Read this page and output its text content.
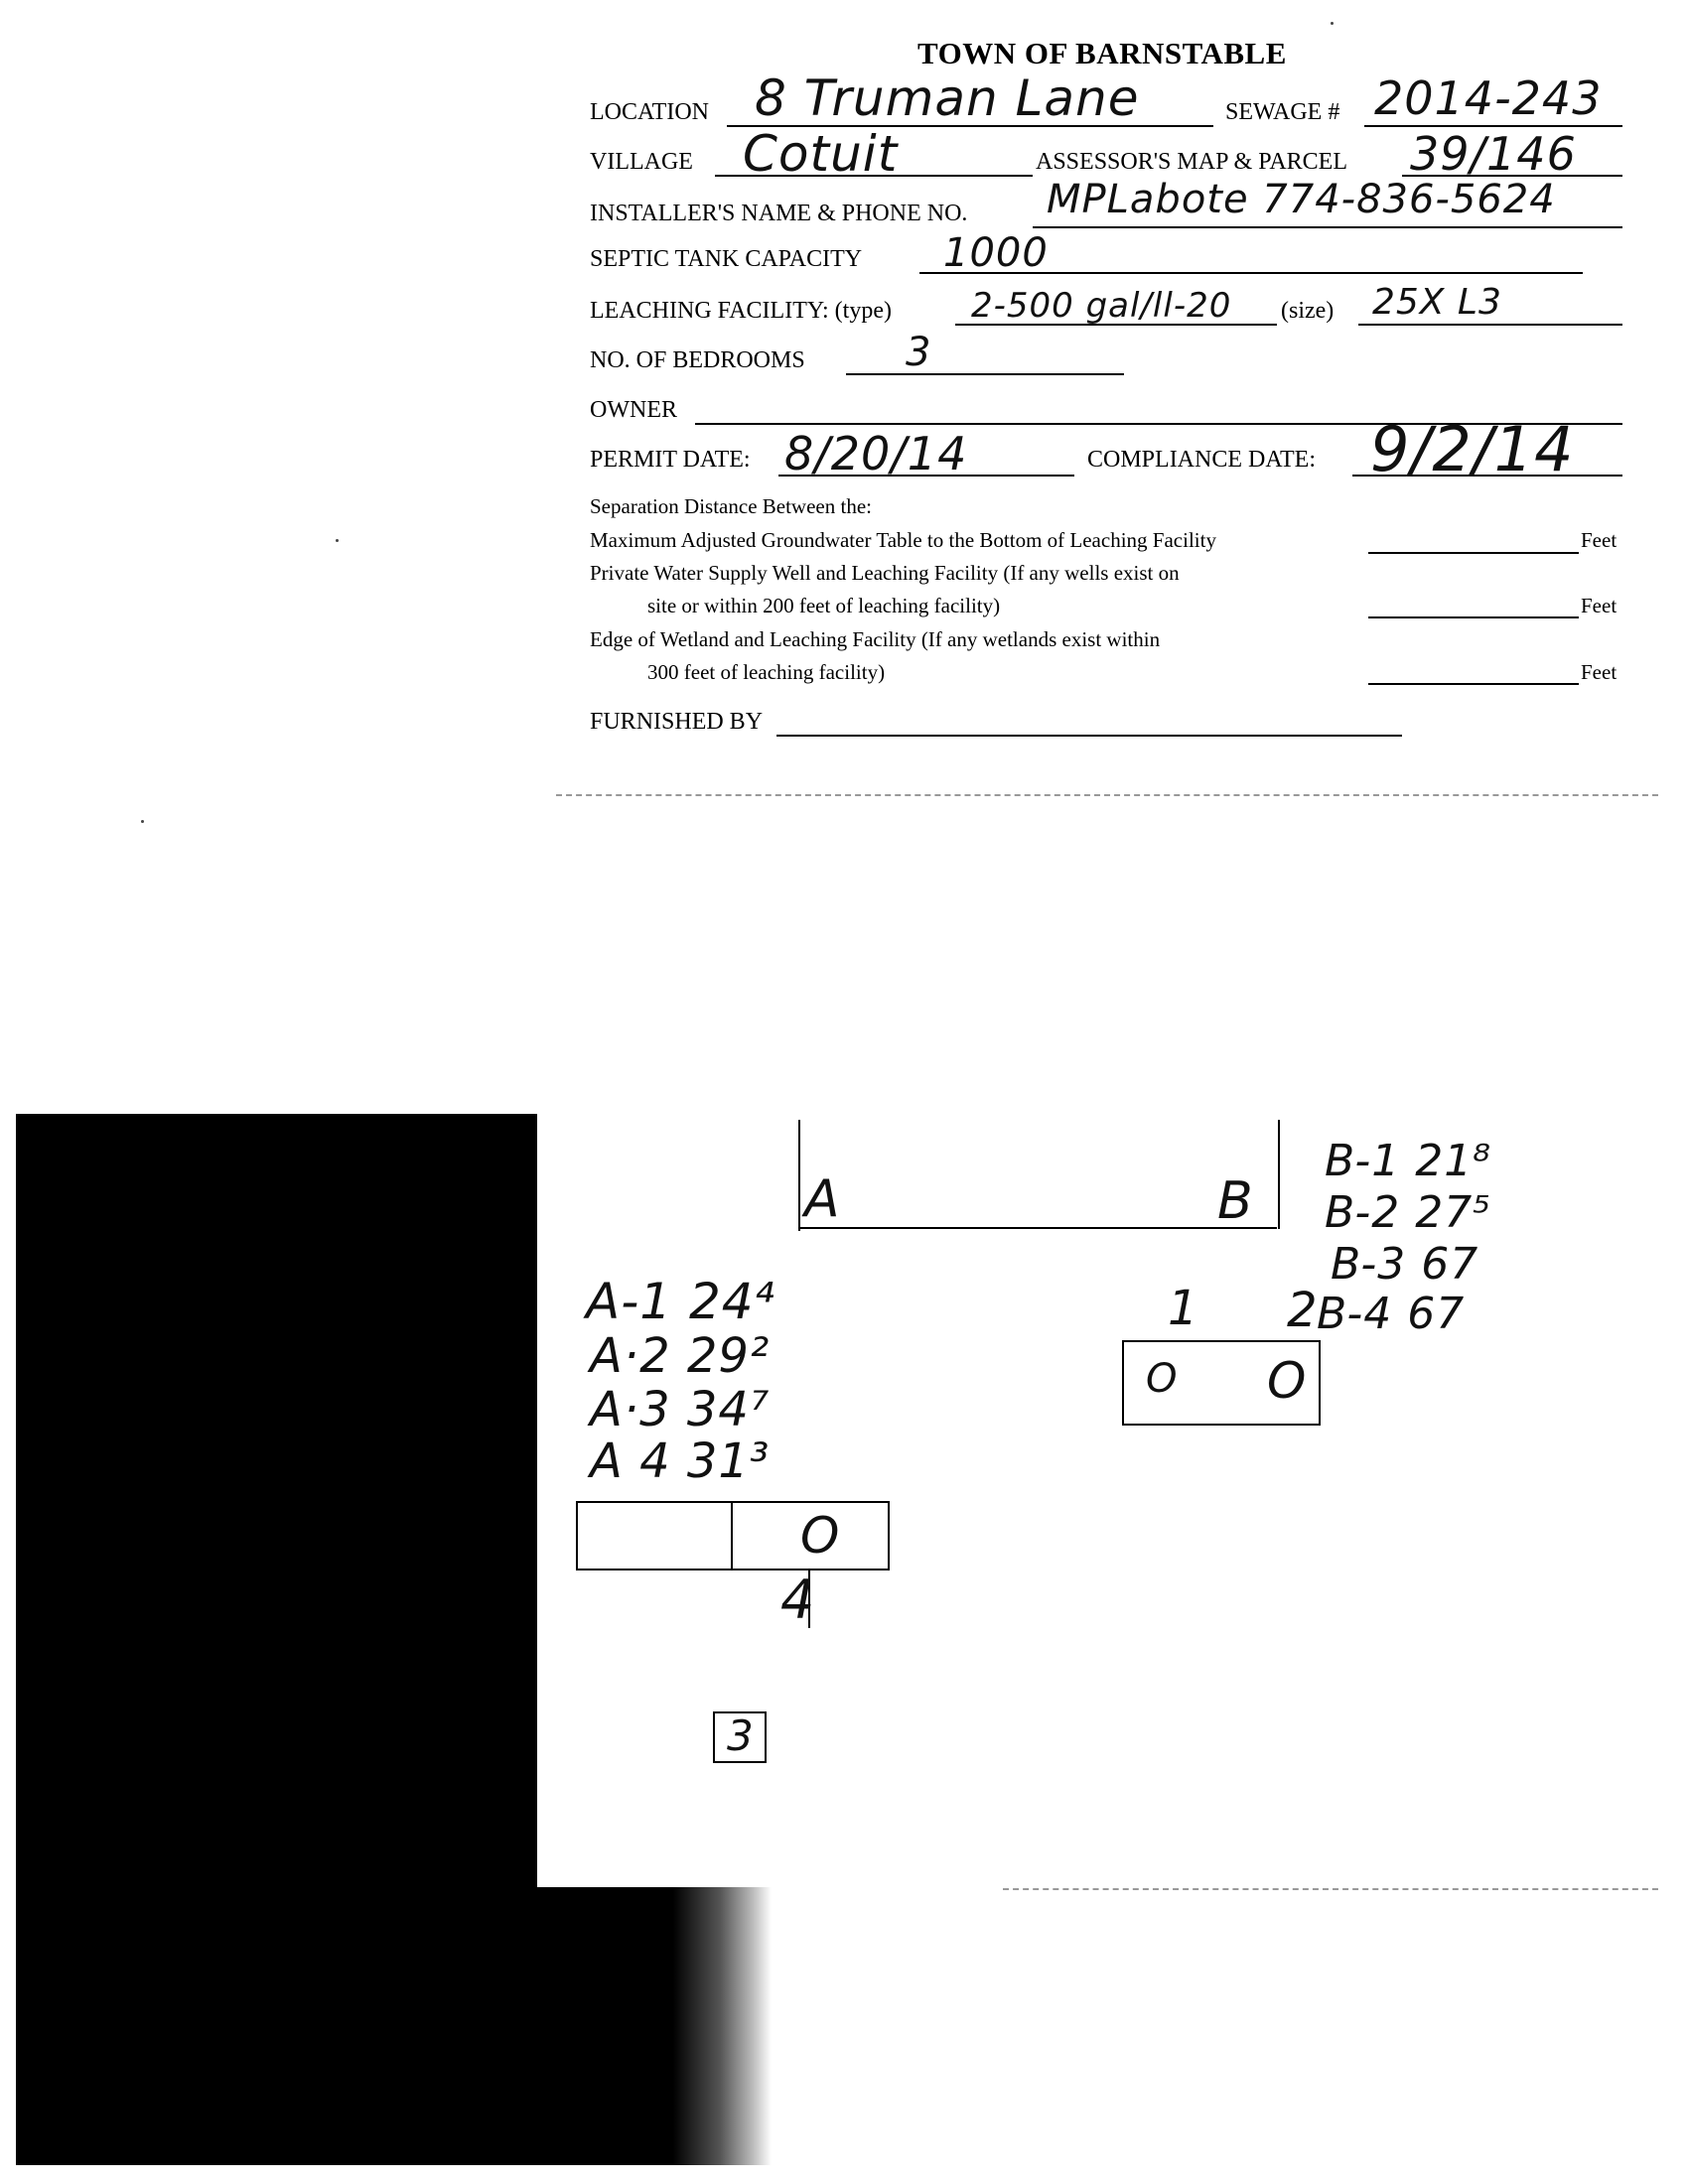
TOWN OF BARNSTABLE
LOCATION 8 Truman Lane	SEWAGE # 2014-243
VILLAGE Cotuit	ASSESSOR'S MAP & PARCEL 39/146
INSTALLER'S NAME & PHONE NO. MPLabote 774-836-5624
SEPTIC TANK CAPACITY 1000
LEACHING FACILITY: (type) 2-500 gal/ll-20 (size) 25X L3
NO. OF BEDROOMS	3
OWNER
PERMIT DATE: 8/20/14	COMPLIANCE DATE: 9/2/14
Separation Distance Between the:
Maximum Adjusted Groundwater Table to the Bottom of Leaching Facility	Feet
Private Water Supply Well and Leaching Facility (If any wells exist on
site or within 200 feet of leaching facility)	Feet
Edge of Wetland and Leaching Facility (If any wetlands exist within
300 feet of leaching facility)	Feet
FURNISHED BY
A	B
B-1 21⁸
B-2 27⁵
B-3 67
B-4 67
1 2
O O
A-1 24⁴
A·2 29²
A·3 34⁷
A 4 31³
O
4
3
